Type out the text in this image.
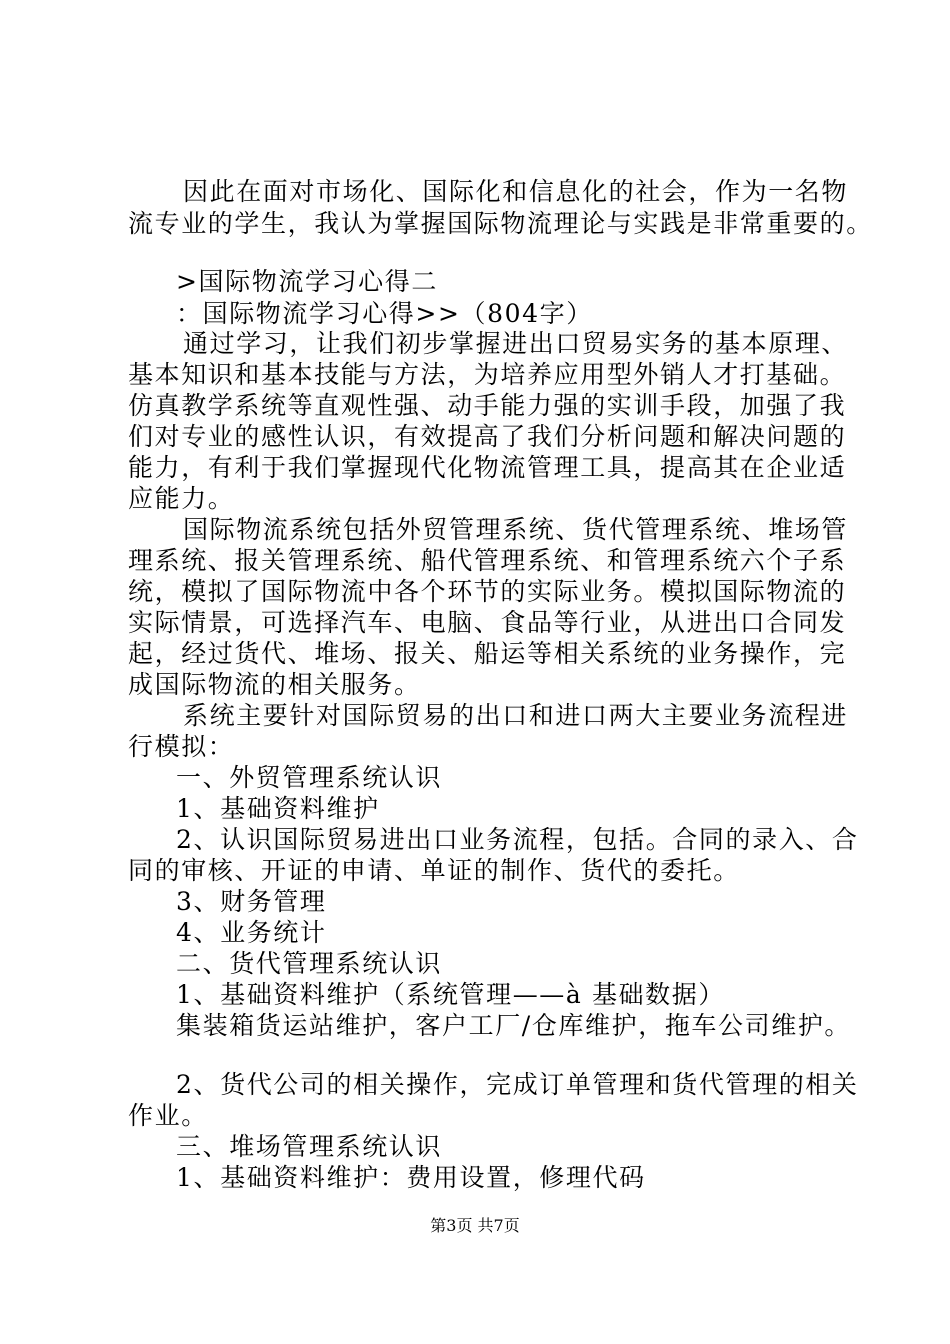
因此在面对市场化、国际化和信息化的社会，作为一名物
流专业的学生，我认为掌握国际物流理论与实践是非常重要的。
>国际物流学习心得二
：国际物流学习心得>>（804字）
通过学习，让我们初步掌握进出口贸易实务的基本原理、
基本知识和基本技能与方法，为培养应用型外销人才打基础。
仿真教学系统等直观性强、动手能力强的实训手段，加强了我
们对专业的感性认识，有效提高了我们分析问题和解决问题的
能力，有利于我们掌握现代化物流管理工具，提高其在企业适
应能力。
国际物流系统包括外贸管理系统、货代管理系统、堆场管
理系统、报关管理系统、船代管理系统、和管理系统六个子系
统，模拟了国际物流中各个环节的实际业务。模拟国际物流的
实际情景，可选择汽车、电脑、食品等行业，从进出口合同发
起，经过货代、堆场、报关、船运等相关系统的业务操作，完
成国际物流的相关服务。
系统主要针对国际贸易的出口和进口两大主要业务流程进
行模拟：
一、外贸管理系统认识
1、基础资料维护
2、认识国际贸易进出口业务流程，包括。合同的录入、合
同的审核、开证的申请、单证的制作、货代的委托。
3、财务管理
4、业务统计
二、货代管理系统认识
1、基础资料维护（系统管理——à 基础数据）
集装箱货运站维护，客户工厂/仓库维护，拖车公司维护。
2、货代公司的相关操作，完成订单管理和货代管理的相关
作业。
三、堆场管理系统认识
1、基础资料维护：费用设置，修理代码
第3页 共7页
